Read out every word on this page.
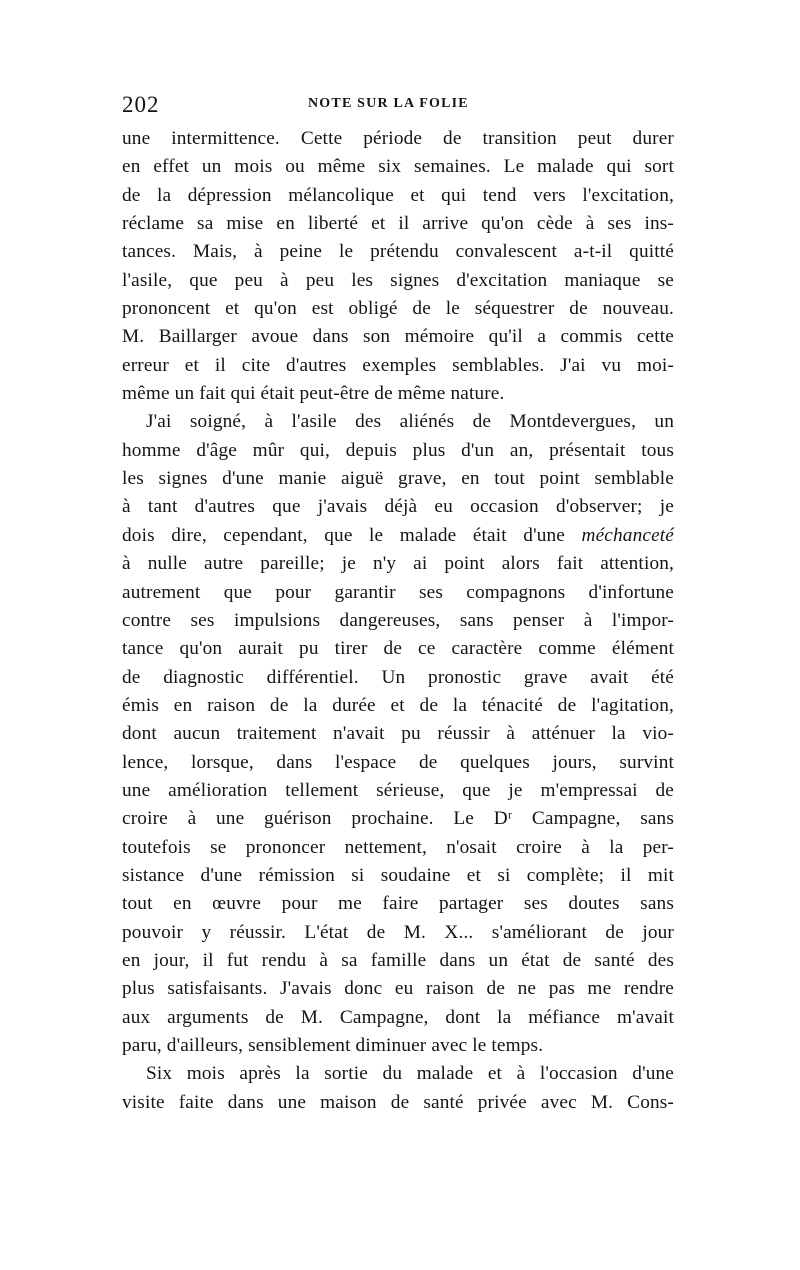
202	NOTE SUR LA FOLIE
une intermittence. Cette période de transition peut durer
en effet un mois ou même six semaines. Le malade qui sort
de la dépression mélancolique et qui tend vers l'excitation,
réclame sa mise en liberté et il arrive qu'on cède à ses ins-
tances. Mais, à peine le prétendu convalescent a-t-il quitté
l'asile, que peu à peu les signes d'excitation maniaque se
prononcent et qu'on est obligé de le séquestrer de nouveau.
M. Baillarger avoue dans son mémoire qu'il a commis cette
erreur et il cite d'autres exemples semblables. J'ai vu moi-
même un fait qui était peut-être de même nature.
J'ai soigné, à l'asile des aliénés de Montdevergues, un
homme d'âge mûr qui, depuis plus d'un an, présentait tous
les signes d'une manie aiguë grave, en tout point semblable
à tant d'autres que j'avais déjà eu occasion d'observer; je
dois dire, cependant, que le malade était d'une méchanceté
à nulle autre pareille; je n'y ai point alors fait attention,
autrement que pour garantir ses compagnons d'infortune
contre ses impulsions dangereuses, sans penser à l'impor-
tance qu'on aurait pu tirer de ce caractère comme élément
de diagnostic différentiel. Un pronostic grave avait été
émis en raison de la durée et de la ténacité de l'agitation,
dont aucun traitement n'avait pu réussir à atténuer la vio-
lence, lorsque, dans l'espace de quelques jours, survint
une amélioration tellement sérieuse, que je m'empressai de
croire à une guérison prochaine. Le Dʳ Campagne, sans
toutefois se prononcer nettement, n'osait croire à la per-
sistance d'une rémission si soudaine et si complète; il mit
tout en œuvre pour me faire partager ses doutes sans
pouvoir y réussir. L'état de M. X... s'améliorant de jour
en jour, il fut rendu à sa famille dans un état de santé des
plus satisfaisants. J'avais donc eu raison de ne pas me rendre
aux arguments de M. Campagne, dont la méfiance m'avait
paru, d'ailleurs, sensiblement diminuer avec le temps.
Six mois après la sortie du malade et à l'occasion d'une
visite faite dans une maison de santé privée avec M. Cons-
